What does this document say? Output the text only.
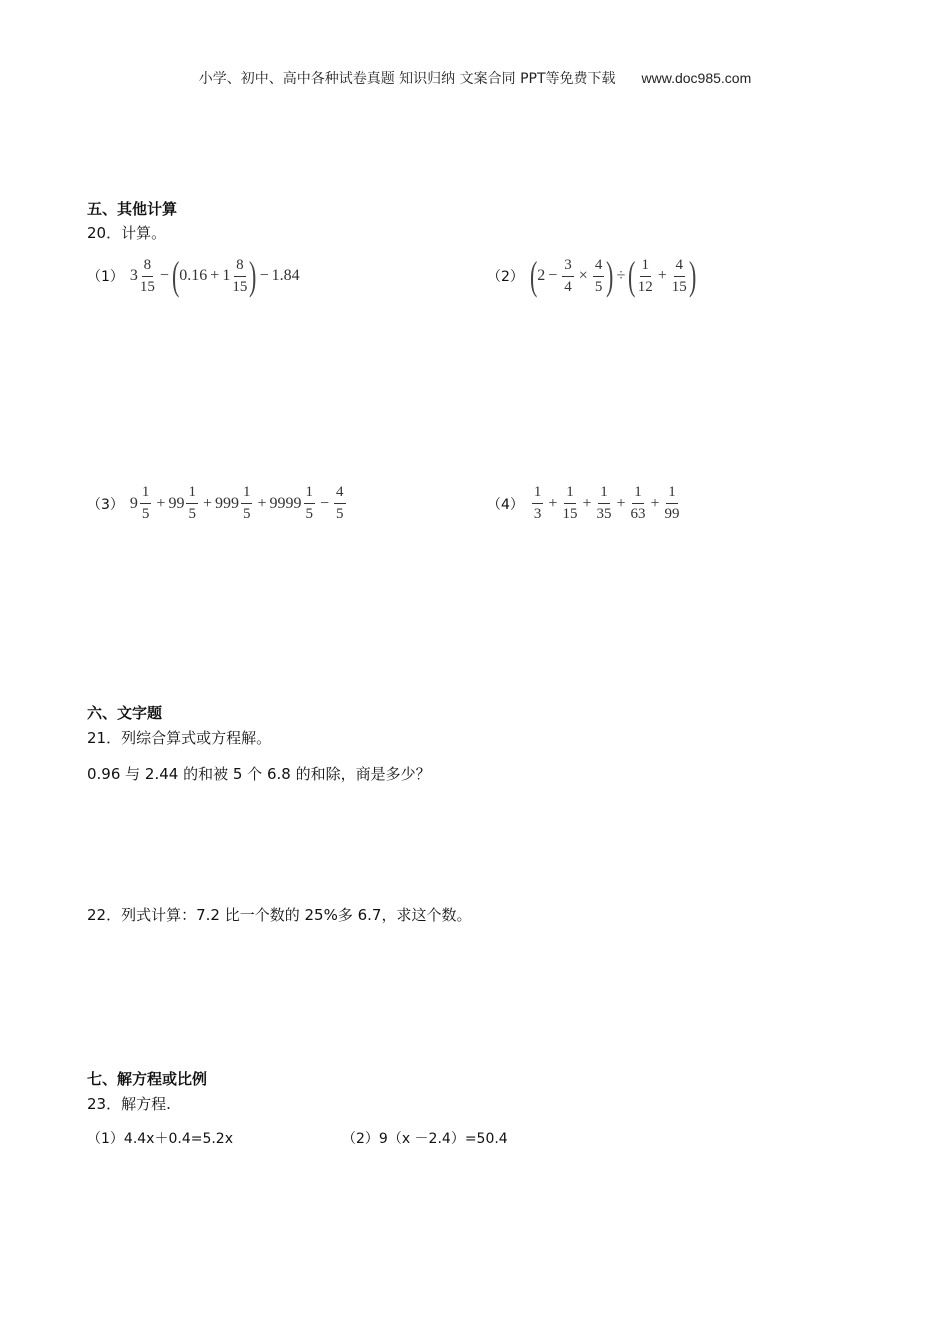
小学、初中、高中各种试卷真题 知识归纳 文案合同 PPT等免费下载 www.doc985.com
五、其他计算
20．计算。
（1） $3 \frac{8}{15}$ − ( $0.16 + 1 \frac{8}{15}$ ) − 1.84	（2） ( $2 - \frac{3}{4} \times \frac{4}{5}$ ) ÷ ( $\frac{1}{12} + \frac{4}{15}$ )
（3） $9 \frac{1}{5} + 99 \frac{1}{5} + 999 \frac{1}{5} + 9999 \frac{1}{5} - \frac{4}{5}$	$(4) \frac{1}{3} + \frac{1}{15} + \frac{1}{35} + \frac{1}{63} + \frac{1}{99}$
六、文字题
21．列综合算式或方程解。
0.96 与 2.44 的和被 5 个 6.8 的和除，商是多少？
22．列式计算：7.2 比一个数的 25%多 6.7，求这个数。
七、解方程或比例
23．解方程.
（1）4.4x＋0.4=5.2x	（2）9（x －2.4）=50.4
